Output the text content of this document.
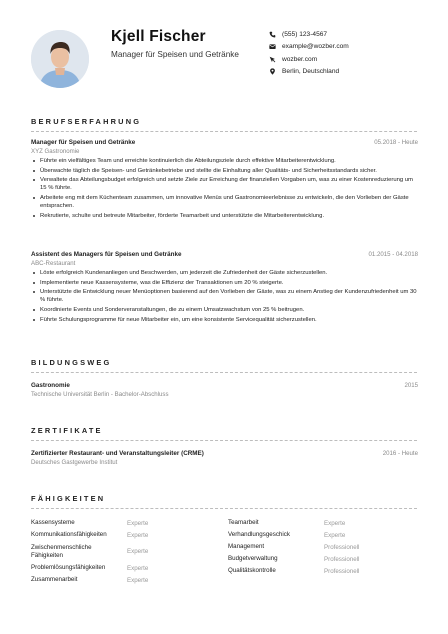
Kjell Fischer
Manager für Speisen und Getränke
(555) 123-4567
example@wozber.com
wozber.com
Berlin, Deutschland
BERUFSERFAHRUNG
Manager für Speisen und Getränke	05.2018 - Heute
XYZ Gastronomie
Führte ein vielfältiges Team und erreichte kontinuierlich die Abteilungsziele durch effektive Mitarbeiterentwicklung.
Überwachte täglich die Speisen- und Getränkebetriebe und stellte die Einhaltung aller Qualitäts- und Sicherheitsstandards sicher.
Verwaltete das Abteilungsbudget erfolgreich und setzte Ziele zur Erreichung der finanziellen Vorgaben um, was zu einer Kostenreduzierung um 15 % führte.
Arbeitete eng mit dem Küchenteam zusammen, um innovative Menüs und Gastronomieerlebnisse zu entwickeln, die den Vorlieben der Gäste entsprachen.
Rekrutierte, schulte und betreute Mitarbeiter, förderte Teamarbeit und unterstützte die Mitarbeiterentwicklung.
Assistent des Managers für Speisen und Getränke	01.2015 - 04.2018
ABC-Restaurant
Löste erfolgreich Kundenanliegen und Beschwerden, um jederzeit die Zufriedenheit der Gäste sicherzustellen.
Implementierte neue Kassensysteme, was die Effizienz der Transaktionen um 20 % steigerte.
Unterstützte die Entwicklung neuer Menüoptionen basierend auf den Vorlieben der Gäste, was zu einem Anstieg der Kundenzufriedenheit um 30 % führte.
Koordinierte Events und Sonderveranstaltungen, die zu einem Umsatzwachstum von 25 % beitrugen.
Führte Schulungsprogramme für neue Mitarbeiter ein, um eine konsistente Servicequalität sicherzustellen.
BILDUNGSWEG
Gastronomie	2015
Technische Universität Berlin - Bachelor-Abschluss
ZERTIFIKATE
Zertifizierter Restaurant- und Veranstaltungsleiter (CRME)	2016 - Heute
Deutsches Gastgewerbe Institut
FÄHIGKEITEN
Kassensysteme	Experte
Kommunikationsfähigkeiten	Experte
Zwischenmenschliche Fähigkeiten	Experte
Problemlösungsfähigkeiten	Experte
Zusammenarbeit	Experte
Teamarbeit	Experte
Verhandlungsgeschick	Experte
Management	Professionell
Budgetverwaltung	Professionell
Qualitätskontrolle	Professionell
